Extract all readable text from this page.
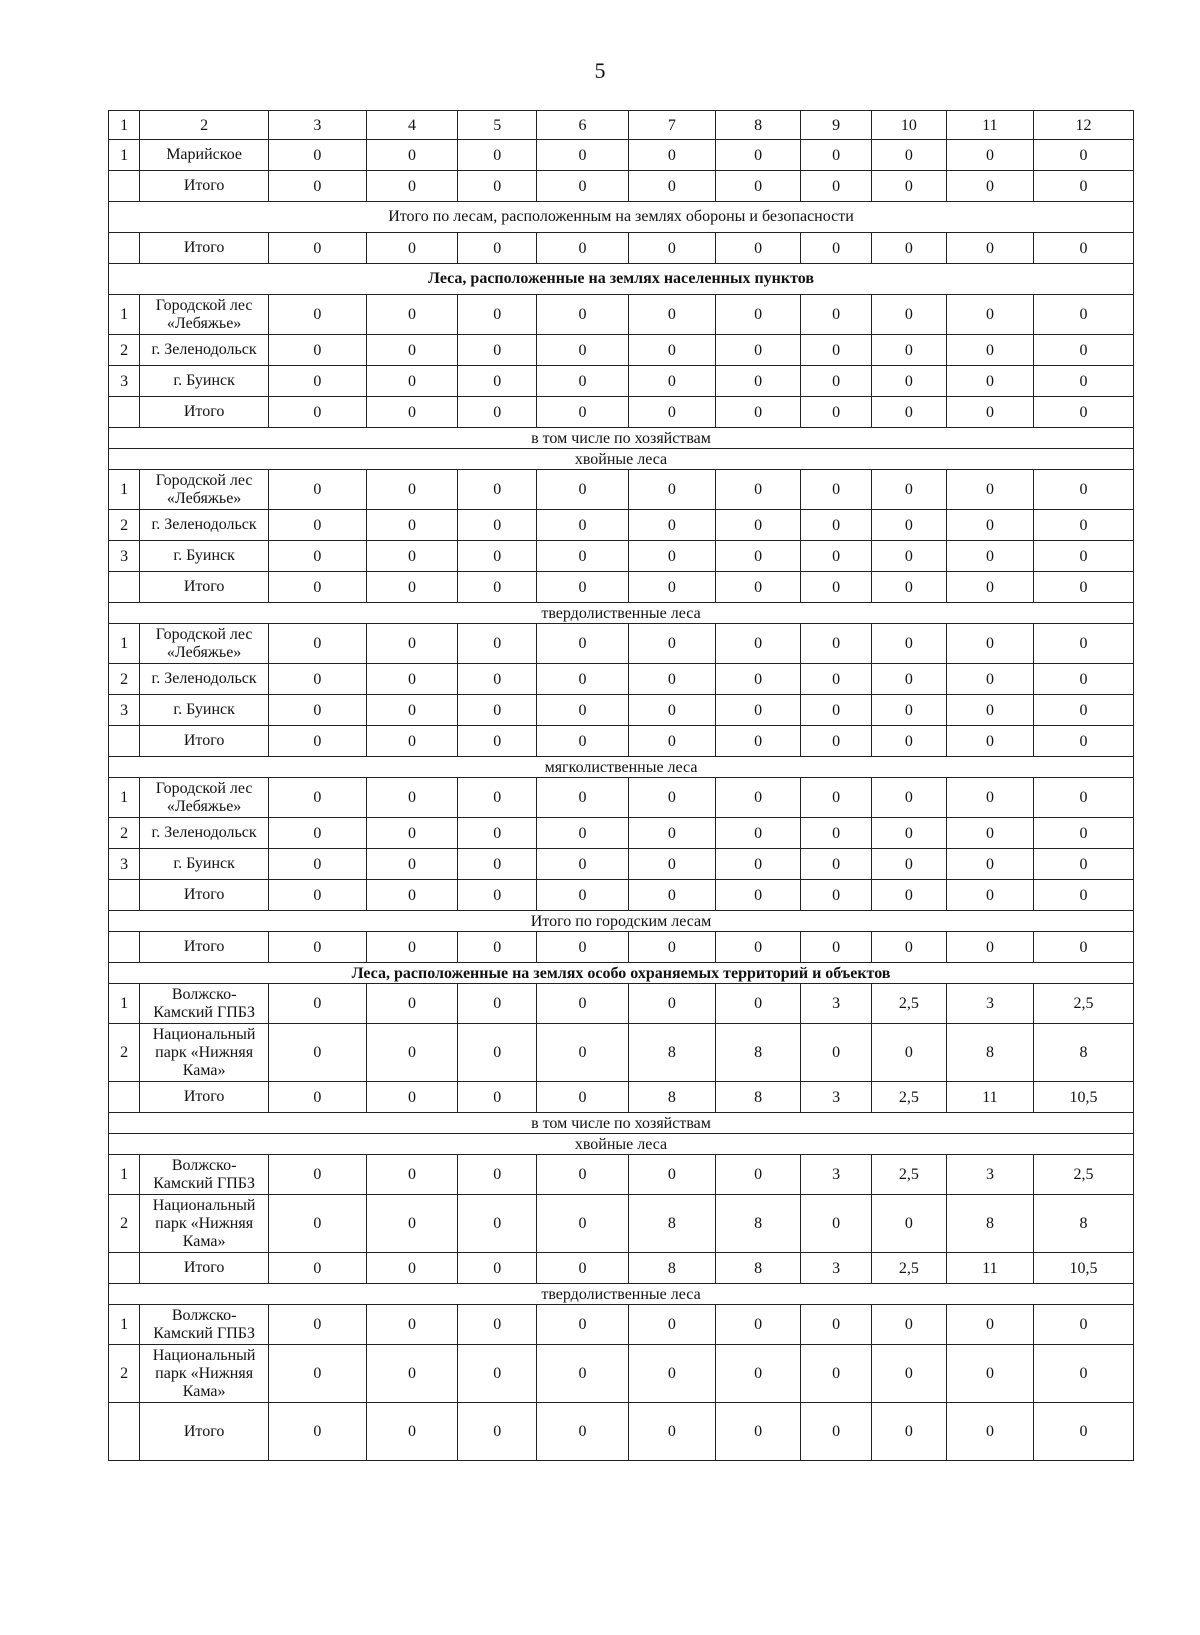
5
1	2	3	4	5	6	7	8	9	10	11	12
1	Марийское	0	0	0	0	0	0	0	0	0	0
	Итого	0	0	0	0	0	0	0	0	0	0
Итого по лесам, расположенным на землях обороны и безопасности											
	Итого	0	0	0	0	0	0	0	0	0	0
Леса, расположенные на землях населенных пунктов											
1	Городской лес «Лебяжье»	0	0	0	0	0	0	0	0	0	0
2	г. Зеленодольск	0	0	0	0	0	0	0	0	0	0
3	г. Буинск	0	0	0	0	0	0	0	0	0	0
	Итого	0	0	0	0	0	0	0	0	0	0
в том числе по хозяйствам											
хвойные леса											
1	Городской лес «Лебяжье»	0	0	0	0	0	0	0	0	0	0
2	г. Зеленодольск	0	0	0	0	0	0	0	0	0	0
3	г. Буинск	0	0	0	0	0	0	0	0	0	0
	Итого	0	0	0	0	0	0	0	0	0	0
твердолиственные леса											
1	Городской лес «Лебяжье»	0	0	0	0	0	0	0	0	0	0
2	г. Зеленодольск	0	0	0	0	0	0	0	0	0	0
3	г. Буинск	0	0	0	0	0	0	0	0	0	0
	Итого	0	0	0	0	0	0	0	0	0	0
мягколиственные леса											
1	Городской лес «Лебяжье»	0	0	0	0	0	0	0	0	0	0
2	г. Зеленодольск	0	0	0	0	0	0	0	0	0	0
3	г. Буинск	0	0	0	0	0	0	0	0	0	0
	Итого	0	0	0	0	0	0	0	0	0	0
Итого по городским лесам											
	Итого	0	0	0	0	0	0	0	0	0	0
Леса, расположенные на землях особо охраняемых территорий и объектов											
1	Волжско-Камский ГПБЗ	0	0	0	0	0	0	3	2,5	3	2,5
2	Национальный парк «Нижняя Кама»	0	0	0	0	8	8	0	0	8	8
	Итого	0	0	0	0	8	8	3	2,5	11	10,5
в том числе по хозяйствам											
хвойные леса											
1	Волжско-Камский ГПБЗ	0	0	0	0	0	0	3	2,5	3	2,5
2	Национальный парк «Нижняя Кама»	0	0	0	0	8	8	0	0	8	8
	Итого	0	0	0	0	8	8	3	2,5	11	10,5
твердолиственные леса											
1	Волжско-Камский ГПБЗ	0	0	0	0	0	0	0	0	0	0
2	Национальный парк «Нижняя Кама»	0	0	0	0	0	0	0	0	0	0
	Итого	0	0	0	0	0	0	0	0	0	0
